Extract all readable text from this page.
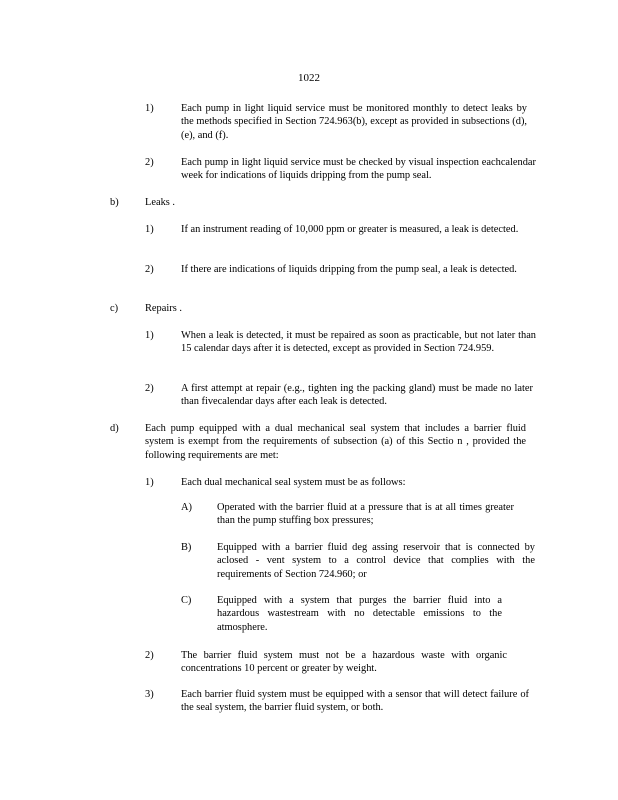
1022
1)	Each pump in light liquid service must be monitored monthly to detect leaks by the methods specified in Section 724.963(b), except as provided in subsections (d), (e), and (f).
2)	Each pump in light liquid service must be checked by visual inspection eachcalendar week for indications of liquids dripping from the pump seal.
b)	Leaks .
1)	If an instrument reading of 10,000 ppm or greater is measured, a leak is detected.
2)	If there are indications of liquids dripping from the pump seal, a leak is detected.
c)	Repairs .
1)	When a leak is detected, it must be repaired as soon as practicable, but not later than 15 calendar days after it is detected, except as provided in Section 724.959.
2)	A first attempt at repair (e.g., tighten ing the packing gland) must be made no later than fivecalendar days after each leak is detected.
d)	Each pump equipped with a dual mechanical seal system that includes a barrier fluid system is exempt from the requirements of subsection (a) of this Sectio n , provided the following requirements are met:
1)	Each dual mechanical seal system must be as follows:
A) Operated with the barrier fluid at a pressure that is at all times greater than the pump stuffing box pressures;
B) Equipped with a barrier fluid deg assing reservoir that is connected by aclosed - vent system to a control device that complies with the requirements of Section 724.960; or
C) Equipped with a system that purges the barrier fluid into a hazardous wastestream with no detectable emissions to the atmosphere.
2)	The barrier fluid system must not be a hazardous waste with organic concentrations 10 percent or greater by weight.
3)	Each barrier fluid system must be equipped with a sensor that will detect failure of the seal system, the barrier fluid system, or both.
